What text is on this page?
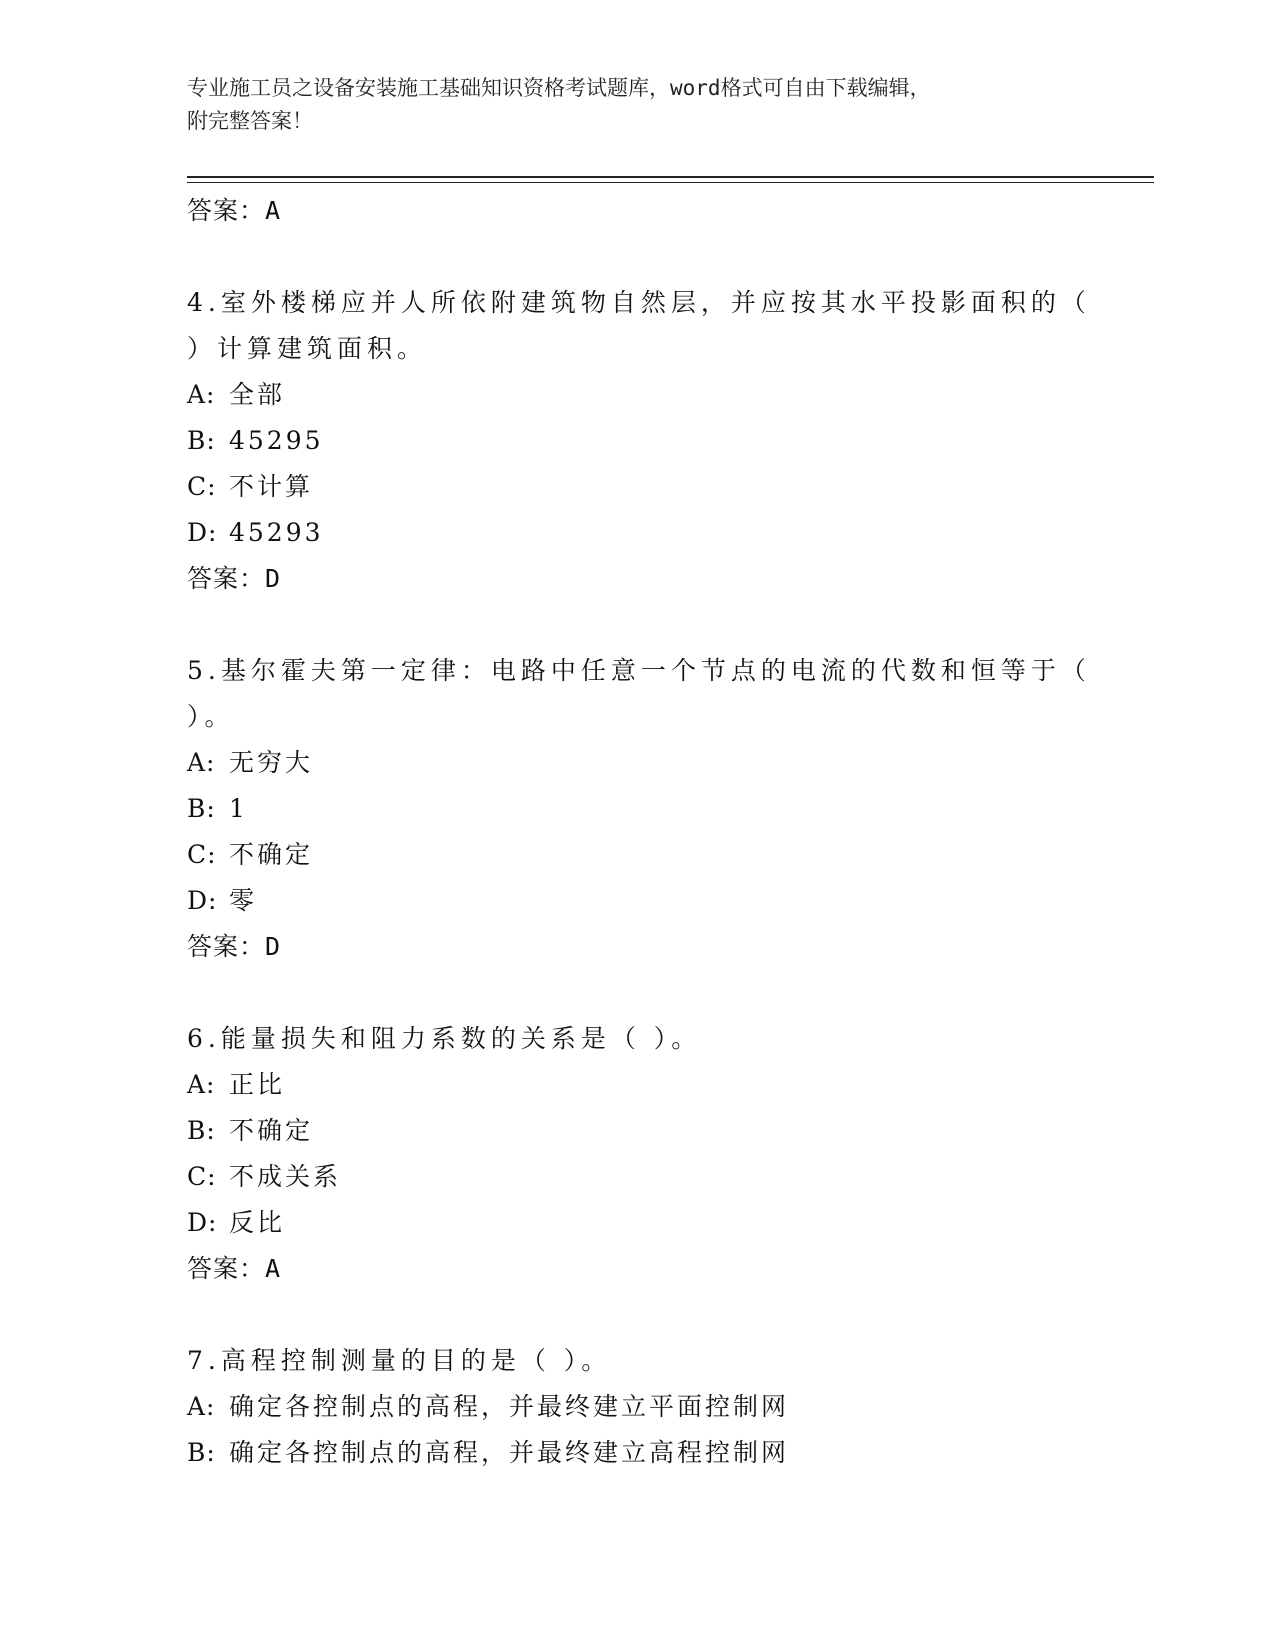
专业施工员之设备安装施工基础知识资格考试题库，word格式可自由下载编辑，
附完整答案！
答案：A
4.室外楼梯应并人所依附建筑物自然层，并应按其水平投影面积的（
）计算建筑面积。
A: 全部
B: 45295
C: 不计算
D: 45293
答案：D
5.基尔霍夫第一定律：电路中任意一个节点的电流的代数和恒等于（
）。
A: 无穷大
B: 1
C: 不确定
D: 零
答案：D
6.能量损失和阻力系数的关系是（ ）。
A: 正比
B: 不确定
C: 不成关系
D: 反比
答案：A
7.高程控制测量的目的是（ ）。
A: 确定各控制点的高程，并最终建立平面控制网
B: 确定各控制点的高程，并最终建立高程控制网
